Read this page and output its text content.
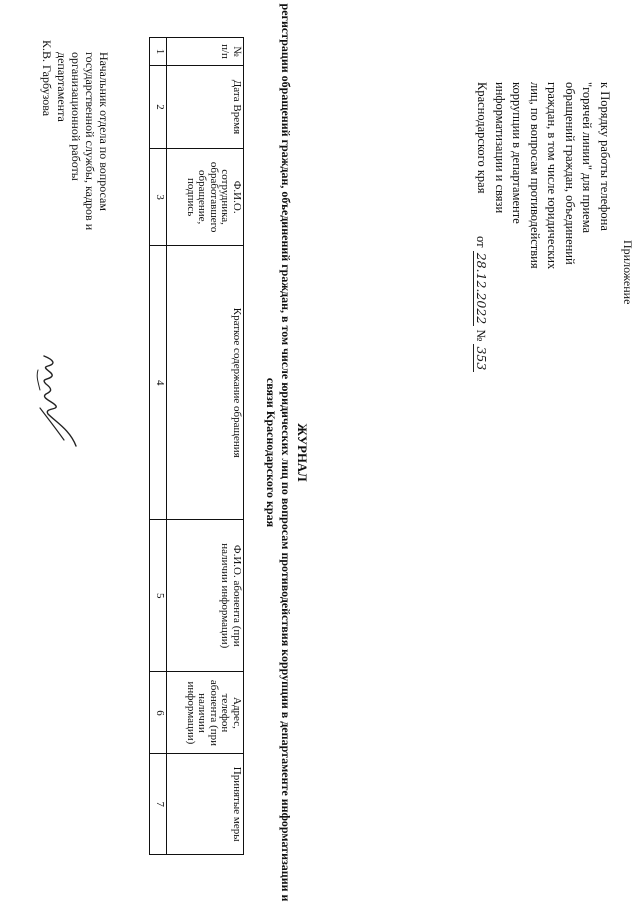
Приложение
к Порядку работы телефона "горячей линии" для приема обращений граждан, объединений граждан, в том числе юридических лиц, по вопросам противодействия коррупции в департаменте информатизации и связи Краснодарского края
от 28.12.2022 № 353
ЖУРНАЛ
регистрации обращений граждан, объединений граждан, в том числе юридических лиц по вопросам противодействия коррупции в департаменте информатизации и связи Краснодарского края
№ п/п	Дата Время	Ф.И.О. сотрудника, обработавшего обращение, подпись	Краткое содержание обращения	Ф.И.О. абонента (при наличии информации)	Адрес, телефон абонента (при наличии информации)	Принятые меры
1	2	3	4	5	6	7
Начальник отдела по вопросам государственной службы, кадров и организационной работы департамента
К.В. Гарбузова
